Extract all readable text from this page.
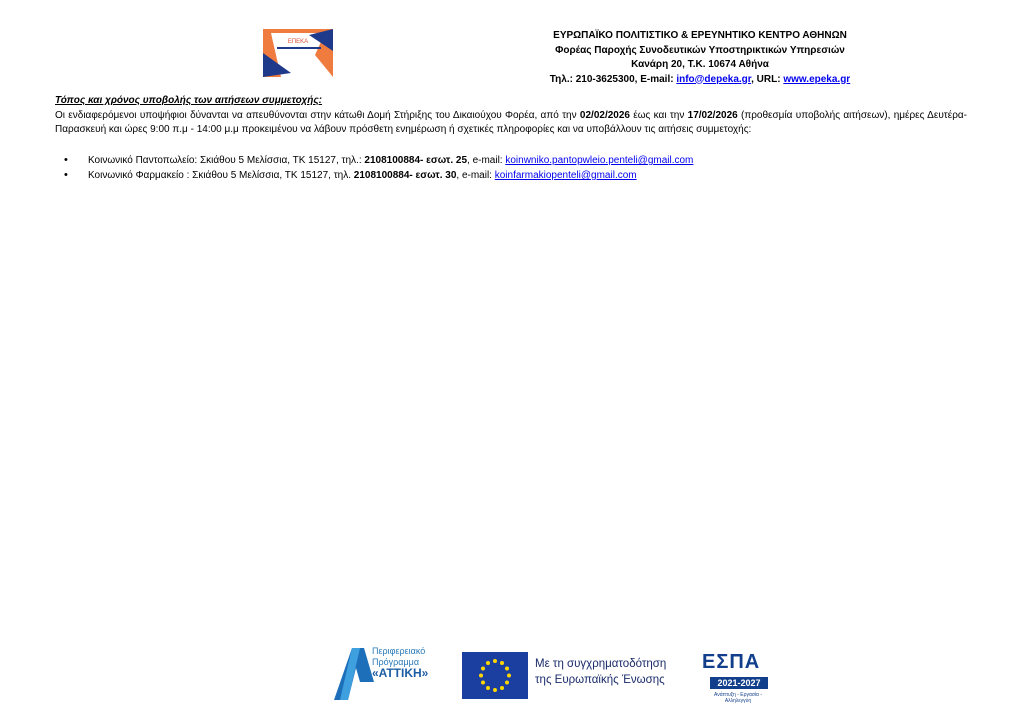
ΕΠΕΚΑ
ΕΥΡΩΠΑΪΚΟ ΠΟΛΙΤΙΣΤΙΚΟ & ΕΡΕΥΝΗΤΙΚΟ ΚΕΝΤΡΟ ΑΘΗΝΩΝ
Φορέας Παροχής Συνοδευτικών Υποστηρικτικών Υπηρεσιών
Κανάρη 20, Τ.Κ. 10674 Αθήνα
Τηλ.: 210-3625300, E-mail: info@depeka.gr, URL: www.epeka.gr
Τόπος και χρόνος υποβολής των αιτήσεων συμμετοχής:
Οι ενδιαφερόμενοι υποψήφιοι δύνανται να απευθύνονται στην κάτωθι Δομή Στήριξης του Δικαιούχου Φορέα, από την 02/02/2026 έως και την 17/02/2026 (προθεσμία υποβολής αιτήσεων), ημέρες Δευτέρα-Παρασκευή και ώρες 9:00 π.μ - 14:00 μ.μ προκειμένου να λάβουν πρόσθετη ενημέρωση ή σχετικές πληροφορίες και να υποβάλλουν τις αιτήσεις συμμετοχής:
• Κοινωνικό Παντοπωλείο: Σκιάθου 5 Μελίσσια, ΤΚ 15127, τηλ.: 2108100884- εσωτ. 25, e-mail: koinwniko.pantopwleio.penteli@gmail.com
• Κοινωνικό Φαρμακείο : Σκιάθου 5 Μελίσσια, ΤΚ 15127, τηλ. 2108100884- εσωτ. 30, e-mail: koinfarmakiopenteli@gmail.com
Περιφερειακό
Πρόγραμμα
«ΑΤΤΙΚΗ»
Με τη συγχρηματοδότηση
της Ευρωπαϊκής Ένωσης
ΕΣΠΑ
2021-2027
Ανάπτυξη - Εργασία - Αλληλεγγύη
